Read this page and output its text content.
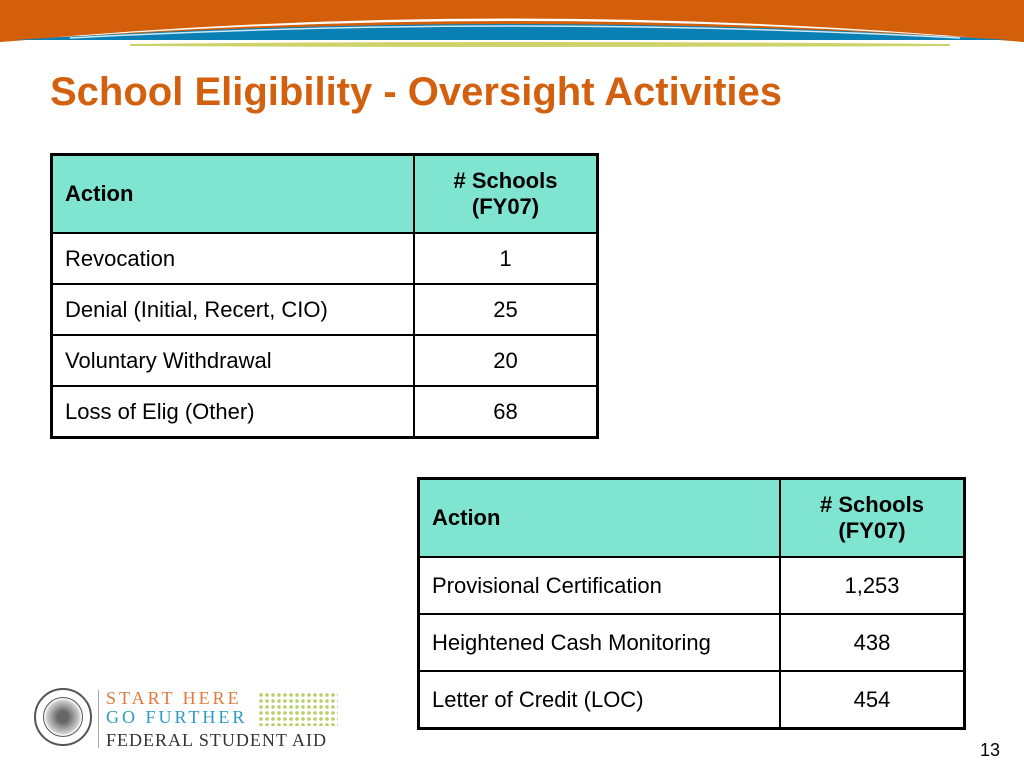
School Eligibility - Oversight Activities
Action	# Schools
(FY07)
Revocation	1
Denial (Initial, Recert, CIO)	25
Voluntary Withdrawal	20
Loss of Elig (Other)	68
Action	# Schools
(FY07)
Provisional Certification	1,253
Heightened Cash Monitoring	438
Letter of Credit (LOC)	454
START HERE
GO FURTHER
FEDERAL STUDENT AID	13
